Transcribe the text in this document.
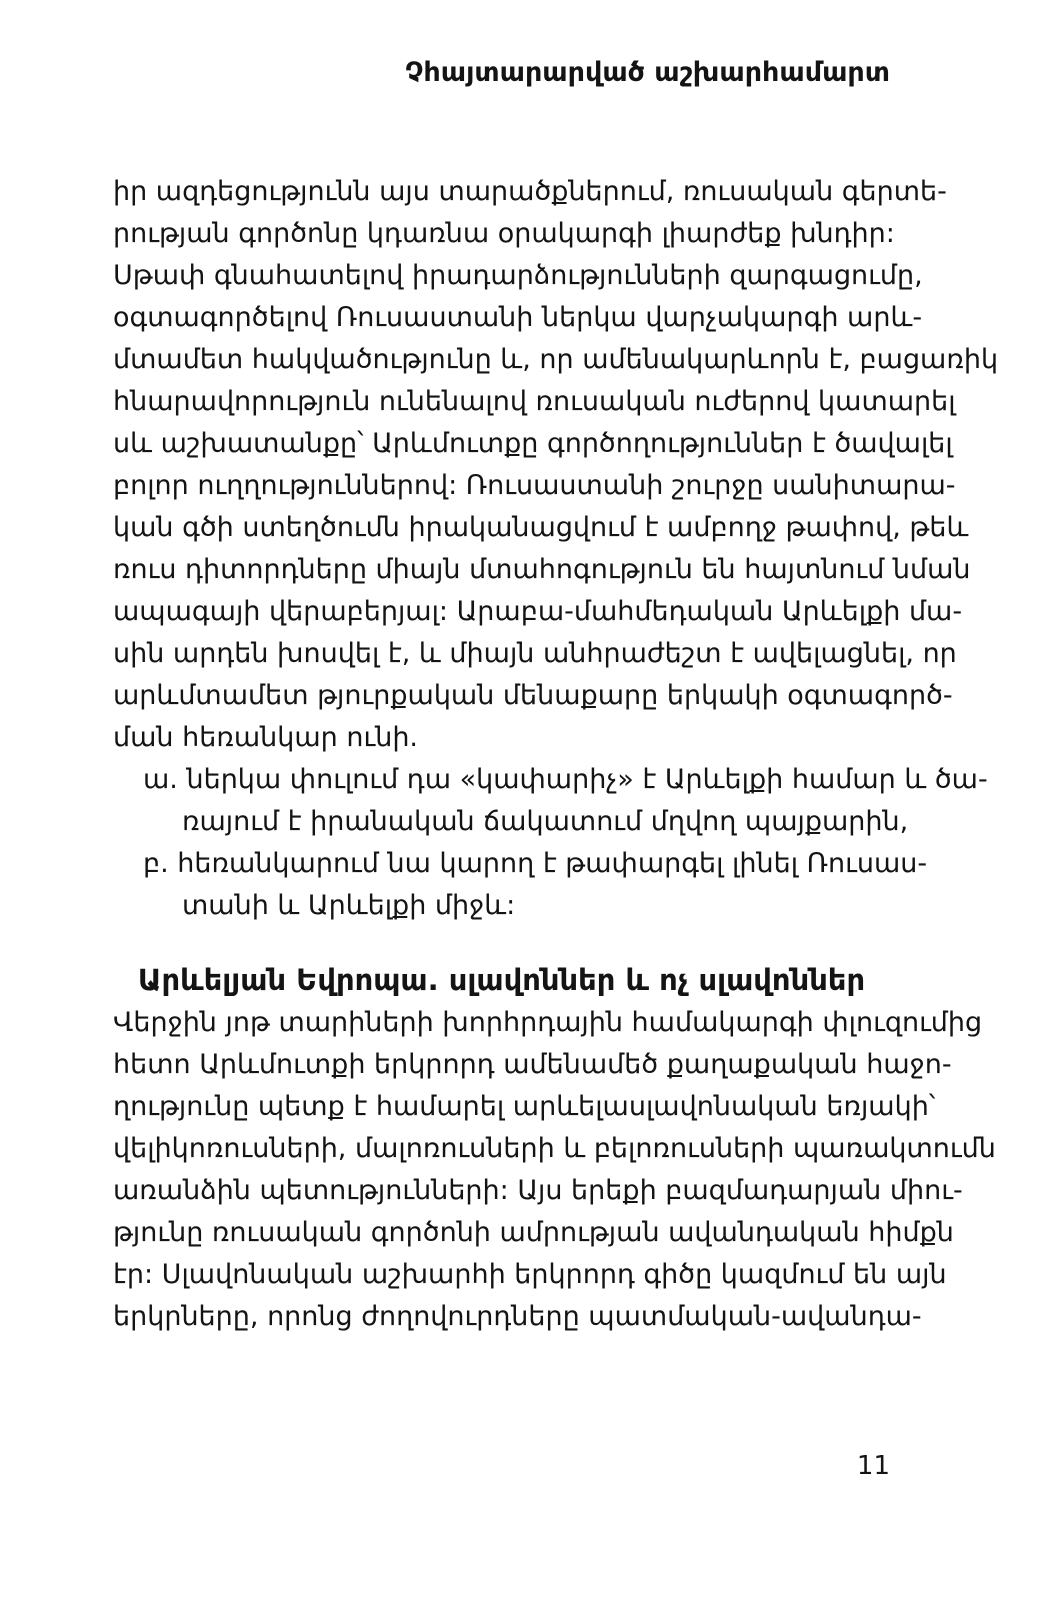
Չհայտարարված աշխարհամարտ
իր ազդեցությունն այս տարածքներում, ռուսական գերտե-
րության գործոնը կդառնա օրակարգի լիարժեք խնդիր:
Սթափ գնահատելով իրադարձությունների զարգացումը,
օգտագործելով Ռուսաստանի ներկա վարչակարգի արև-
մտամետ հակվածությունը և, որ ամենակարևորն է, բացառիկ
հնարավորություն ունենալով ռուսական ուժերով կատարել
սև աշխատանքը՝ Արևմուտքը գործողություններ է ծավալել
բոլոր ուղղություններով: Ռուսաստանի շուրջը սանիտարա-
կան գծի ստեղծումն իրականացվում է ամբողջ թափով, թեև
ռուս դիտորդները միայն մտահոգություն են հայտնում նման
ապագայի վերաբերյալ: Արաբա-մահմեդական Արևելքի մա-
սին արդեն խոսվել է, և միայն անհրաժեշտ է ավելացնել, որ
արևմտամետ թյուրքական մենաքարը երկակի օգտագործ-
ման հեռանկար ունի.
ա. ներկա փուլում դա «կափարիչ» է Արևելքի համար և ծա-
ռայում է իրանական ճակատում մղվող պայքարին,
բ. հեռանկարում նա կարող է թափարգել լինել Ռուսաս-
տանի և Արևելքի միջև:
Արևելյան Եվրոպա. սլավոններ և ոչ սլավոններ
Վերջին յոթ տարիների խորհրդային համակարգի փլուզումից
հետո Արևմուտքի երկրորդ ամենամեծ քաղաքական հաջո-
ղությունը պետք է համարել արևելասլավոնական եռյակի՝
վելիկոռուսների, մալոռուսների և բելոռուսների պառակտումն
առանձին պետությունների: Այս երեքի բազմադարյան միու-
թյունը ռուսական գործոնի ամրության ավանդական հիմքն
էր: Սլավոնական աշխարհի երկրորդ գիծը կազմում են այն
երկրները, որոնց ժողովուրդները պատմական-ավանդա-
11
